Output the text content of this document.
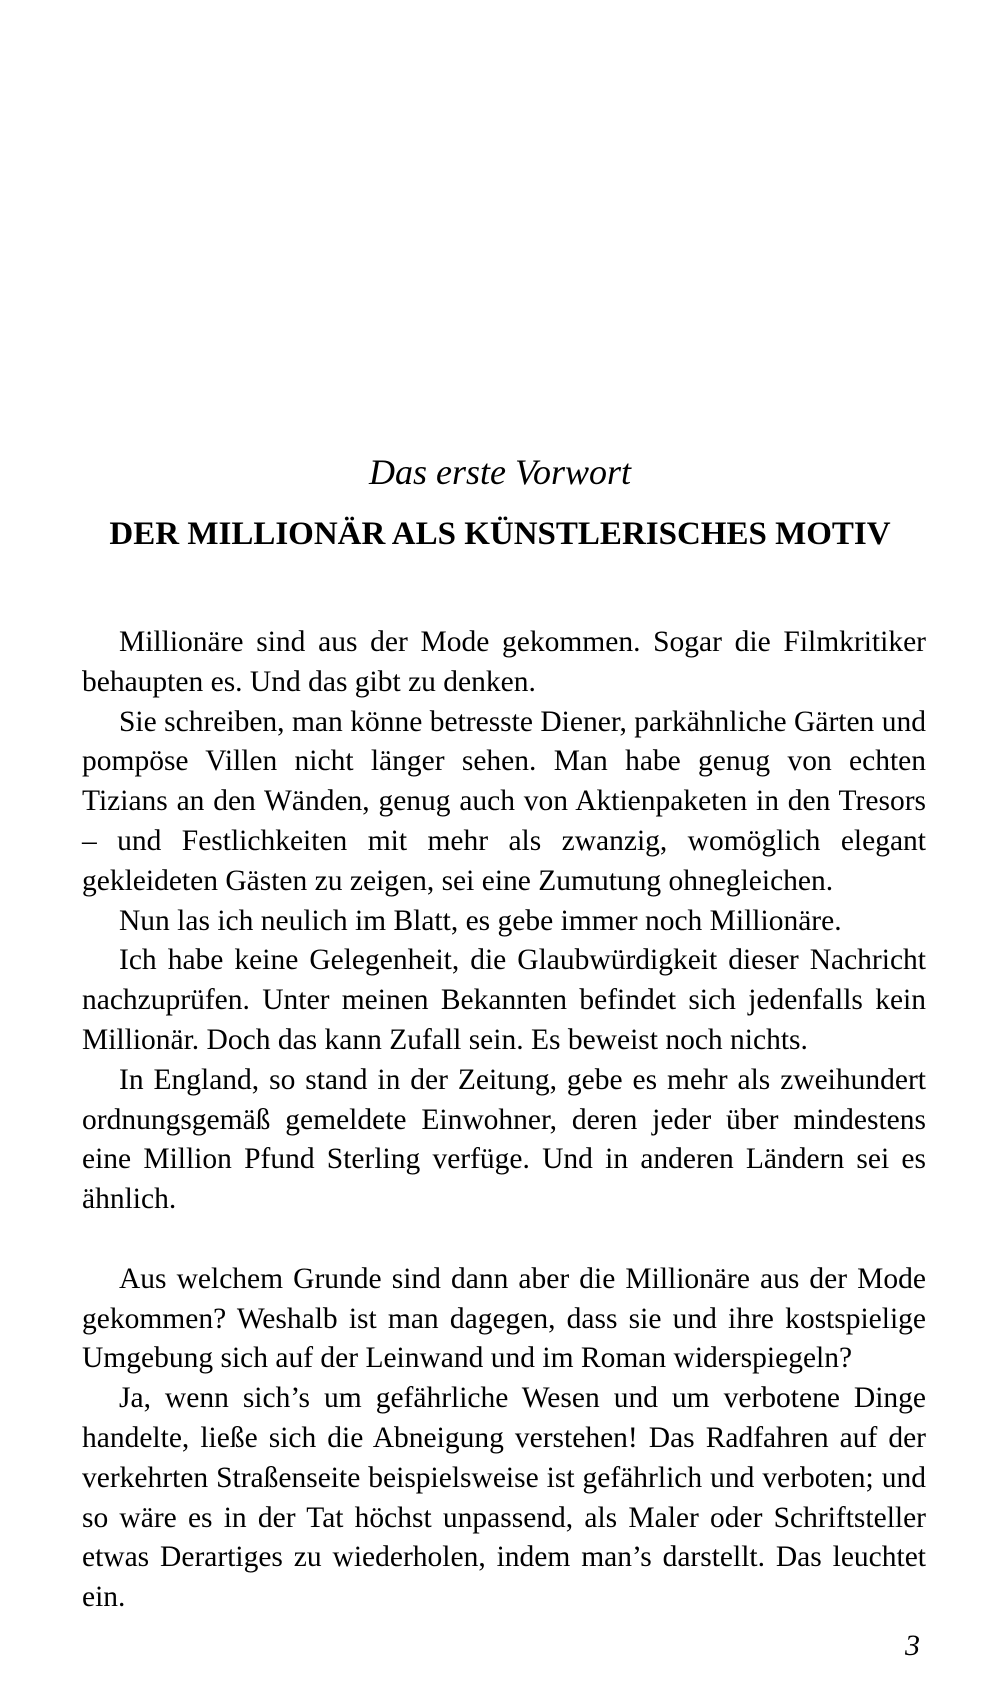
Das erste Vorwort
DER MILLIONÄR ALS KÜNSTLERISCHES MOTIV

Millionäre sind aus der Mode gekommen. Sogar die Filmkritiker behaupten es. Und das gibt zu denken.

Sie schreiben, man könne betresste Diener, parkähnliche Gärten und pompöse Villen nicht länger sehen. Man habe genug von echten Tizians an den Wänden, genug auch von Aktienpaketen in den Tresors – und Festlichkeiten mit mehr als zwanzig, womöglich elegant gekleideten Gästen zu zeigen, sei eine Zumutung ohnegleichen.

Nun las ich neulich im Blatt, es gebe immer noch Millionäre.

Ich habe keine Gelegenheit, die Glaubwürdigkeit dieser Nachricht nachzuprüfen. Unter meinen Bekannten befindet sich jedenfalls kein Millionär. Doch das kann Zufall sein. Es beweist noch nichts.

In England, so stand in der Zeitung, gebe es mehr als zweihundert ordnungsgemäß gemeldete Einwohner, deren jeder über mindestens eine Million Pfund Sterling verfüge. Und in anderen Ländern sei es ähnlich.

Aus welchem Grunde sind dann aber die Millionäre aus der Mode gekommen? Weshalb ist man dagegen, dass sie und ihre kostspielige Umgebung sich auf der Leinwand und im Roman widerspiegeln?

Ja, wenn sich’s um gefährliche Wesen und um verbotene Dinge handelte, ließe sich die Abneigung verstehen! Das Radfahren auf der verkehrten Straßenseite beispielsweise ist gefährlich und verboten; und so wäre es in der Tat höchst unpassend, als Maler oder Schriftsteller etwas Derartiges zu wiederholen, indem man’s darstellt. Das leuchtet ein.

3
